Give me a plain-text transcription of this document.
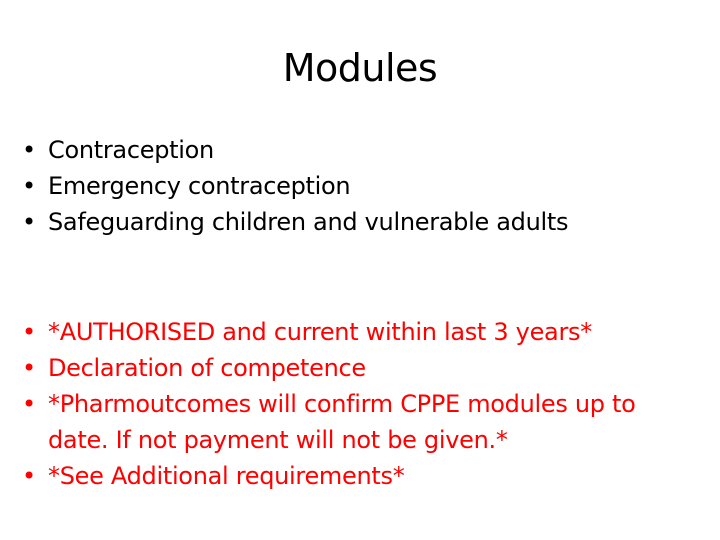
Modules
• Contraception
• Emergency contraception
• Safeguarding children and vulnerable adults
• *AUTHORISED and current within last 3 years*
• Declaration of competence
• *Pharmoutcomes will confirm CPPE modules up to
date. If not payment will not be given.*
• *See Additional requirements*
